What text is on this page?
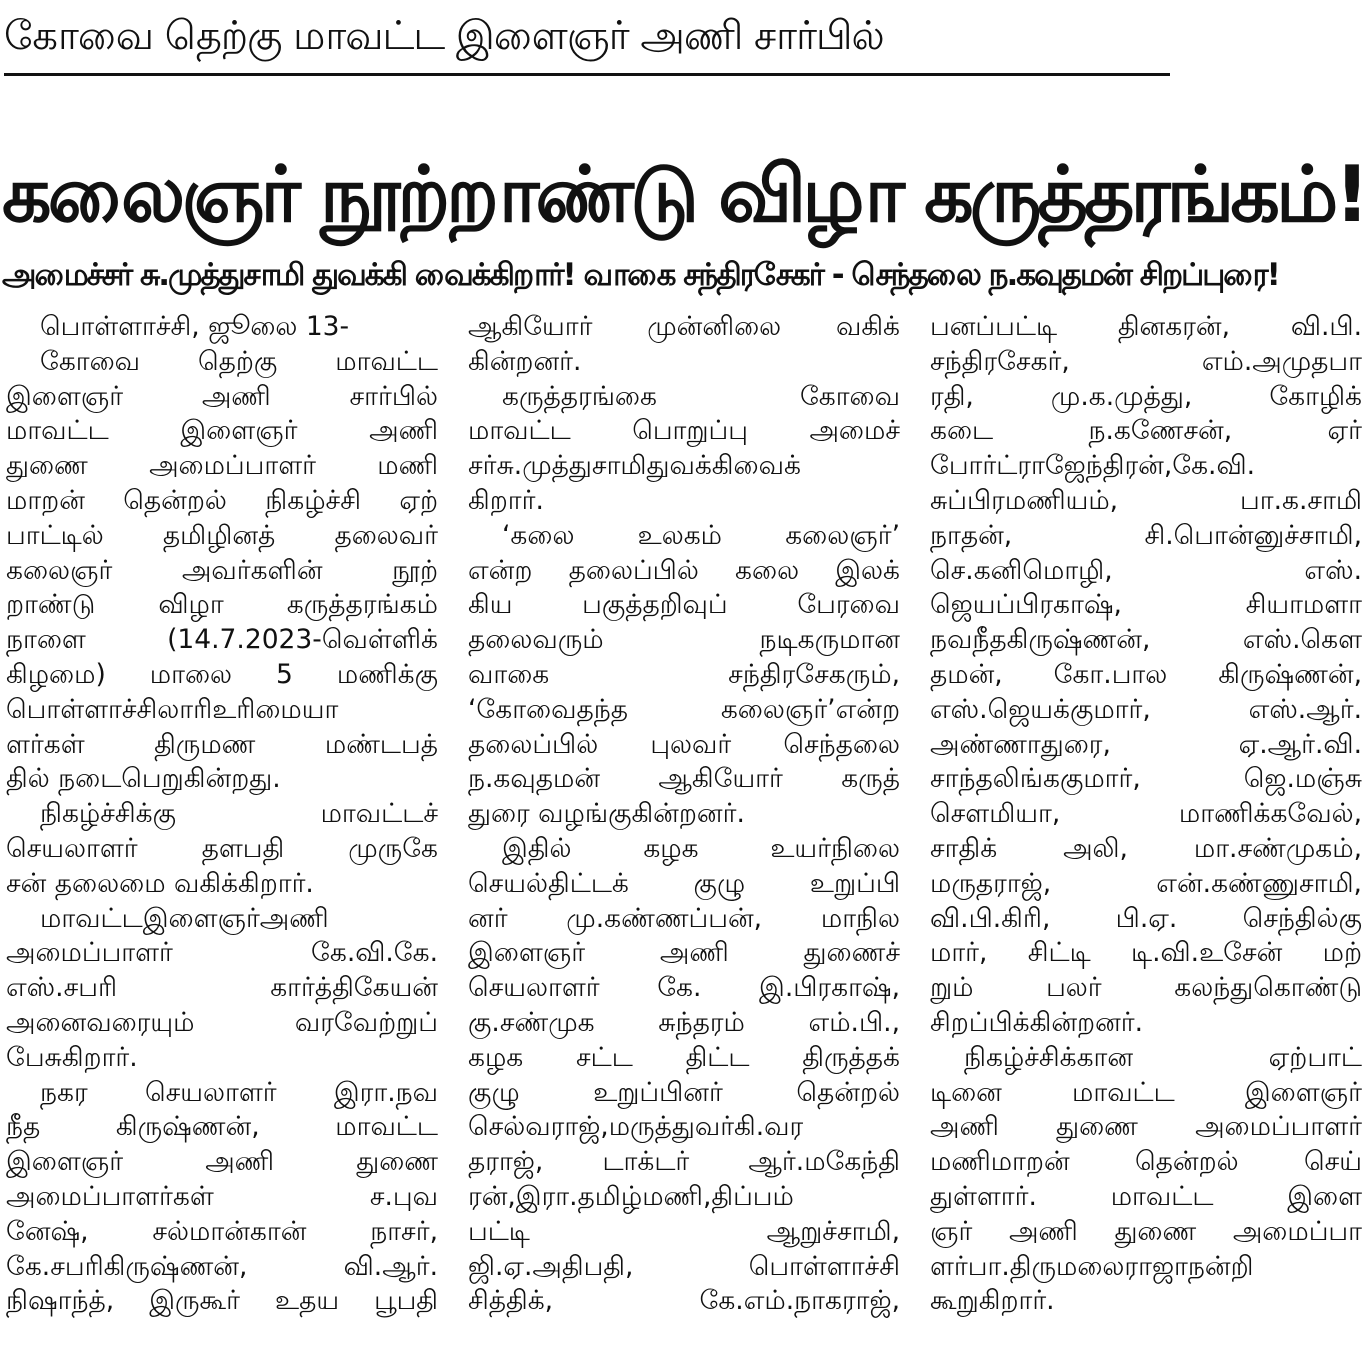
கோவை தெற்கு மாவட்ட இளைஞர் அணி சார்பில்
கலைஞர் நூற்றாண்டு விழா கருத்தரங்கம்!
அமைச்சர் சு.முத்துசாமி துவக்கி வைக்கிறார்! வாகை சந்திரசேகர் - செந்தலை ந.கவுதமன் சிறப்புரை!
பொள்ளாச்சி, ஜூலை 13-
கோவை தெற்கு மாவட்ட
இளைஞர் அணி சார்பில்
மாவட்ட இளைஞர் அணி
துணை அமைப்பாளர் மணி
மாறன் தென்றல் நிகழ்ச்சி ஏற்
பாட்டில் தமிழினத் தலைவர்
கலைஞர் அவர்களின் நூற்
றாண்டு விழா கருத்தரங்கம்
நாளை (14.7.2023-வெள்ளிக்
கிழமை) மாலை 5 மணிக்கு
பொள்ளாச்சிலாரிஉரிமையா
ளர்கள் திருமண மண்டபத்
தில் நடைபெறுகின்றது.
நிகழ்ச்சிக்கு மாவட்டச்
செயலாளர் தளபதி முருகே
சன் தலைமை வகிக்கிறார்.
மாவட்டஇளைஞர்அணி
அமைப்பாளர் கே.வி.கே.
எஸ்.சபரி கார்த்திகேயன்
அனைவரையும் வரவேற்றுப்
பேசுகிறார்.
நகர செயலாளர் இரா.நவ
நீத கிருஷ்ணன், மாவட்ட
இளைஞர் அணி துணை
அமைப்பாளர்கள் ச.புவ
னேஷ், சல்மான்கான் நாசர்,
கே.சபரிகிருஷ்ணன், வி.ஆர்.
நிஷாந்த், இருகூர் உதய பூபதி
ஆகியோர் முன்னிலை வகிக்
கின்றனர்.
கருத்தரங்கை கோவை
மாவட்ட பொறுப்பு அமைச்
சர்சு.முத்துசாமிதுவக்கிவைக்
கிறார்.
‘கலை உலகம் கலைஞர்’
என்ற தலைப்பில் கலை இலக்
கிய பகுத்தறிவுப் பேரவை
தலைவரும் நடிகருமான
வாகை சந்திரசேகரும்,
‘கோவைதந்த கலைஞர்’என்ற
தலைப்பில் புலவர் செந்தலை
ந.கவுதமன் ஆகியோர் கருத்
துரை வழங்குகின்றனர்.
இதில் கழக உயர்நிலை
செயல்திட்டக் குழு உறுப்பி
னர் மு.கண்ணப்பன், மாநில
இளைஞர் அணி துணைச்
செயலாளர் கே. இ.பிரகாஷ்,
கு.சண்முக சுந்தரம் எம்.பி.,
கழக சட்ட திட்ட திருத்தக்
குழு உறுப்பினர் தென்றல்
செல்வராஜ்,மருத்துவர்கி.வர
தராஜ், டாக்டர் ஆர்.மகேந்தி
ரன்,இரா.தமிழ்மணி,திப்பம்
பட்டி ஆறுச்சாமி,
ஜி.ஏ.அதிபதி, பொள்ளாச்சி
சித்திக், கே.எம்.நாகராஜ்,
பனப்பட்டி தினகரன், வி.பி.
சந்திரசேகர், எம்.அமுதபா
ரதி, மு.க.முத்து, கோழிக்
கடை ந.கணேசன், ஏர்
போர்ட்ராஜேந்திரன்,கே.வி.
சுப்பிரமணியம், பா.க.சாமி
நாதன், சி.பொன்னுச்சாமி,
செ.கனிமொழி, எஸ்.
ஜெயப்பிரகாஷ், சியாமளா
நவநீதகிருஷ்ணன், எஸ்.கௌ
தமன், கோ.பால கிருஷ்ணன்,
எஸ்.ஜெயக்குமார், எஸ்.ஆர்.
அண்ணாதுரை, ஏ.ஆர்.வி.
சாந்தலிங்ககுமார், ஜெ.மஞ்சு
சௌமியா, மாணிக்கவேல்,
சாதிக் அலி, மா.சண்முகம்,
மருதராஜ், என்.கண்ணுசாமி,
வி.பி.கிரி, பி.ஏ. செந்தில்கு
மார், சிட்டி டி.வி.உசேன் மற்
றும் பலர் கலந்துகொண்டு
சிறப்பிக்கின்றனர்.
நிகழ்ச்சிக்கான ஏற்பாட்
டினை மாவட்ட இளைஞர்
அணி துணை அமைப்பாளர்
மணிமாறன் தென்றல் செய்
துள்ளார். மாவட்ட இளை
ஞர் அணி துணை அமைப்பா
ளர்பா.திருமலைராஜாநன்றி
கூறுகிறார்.
